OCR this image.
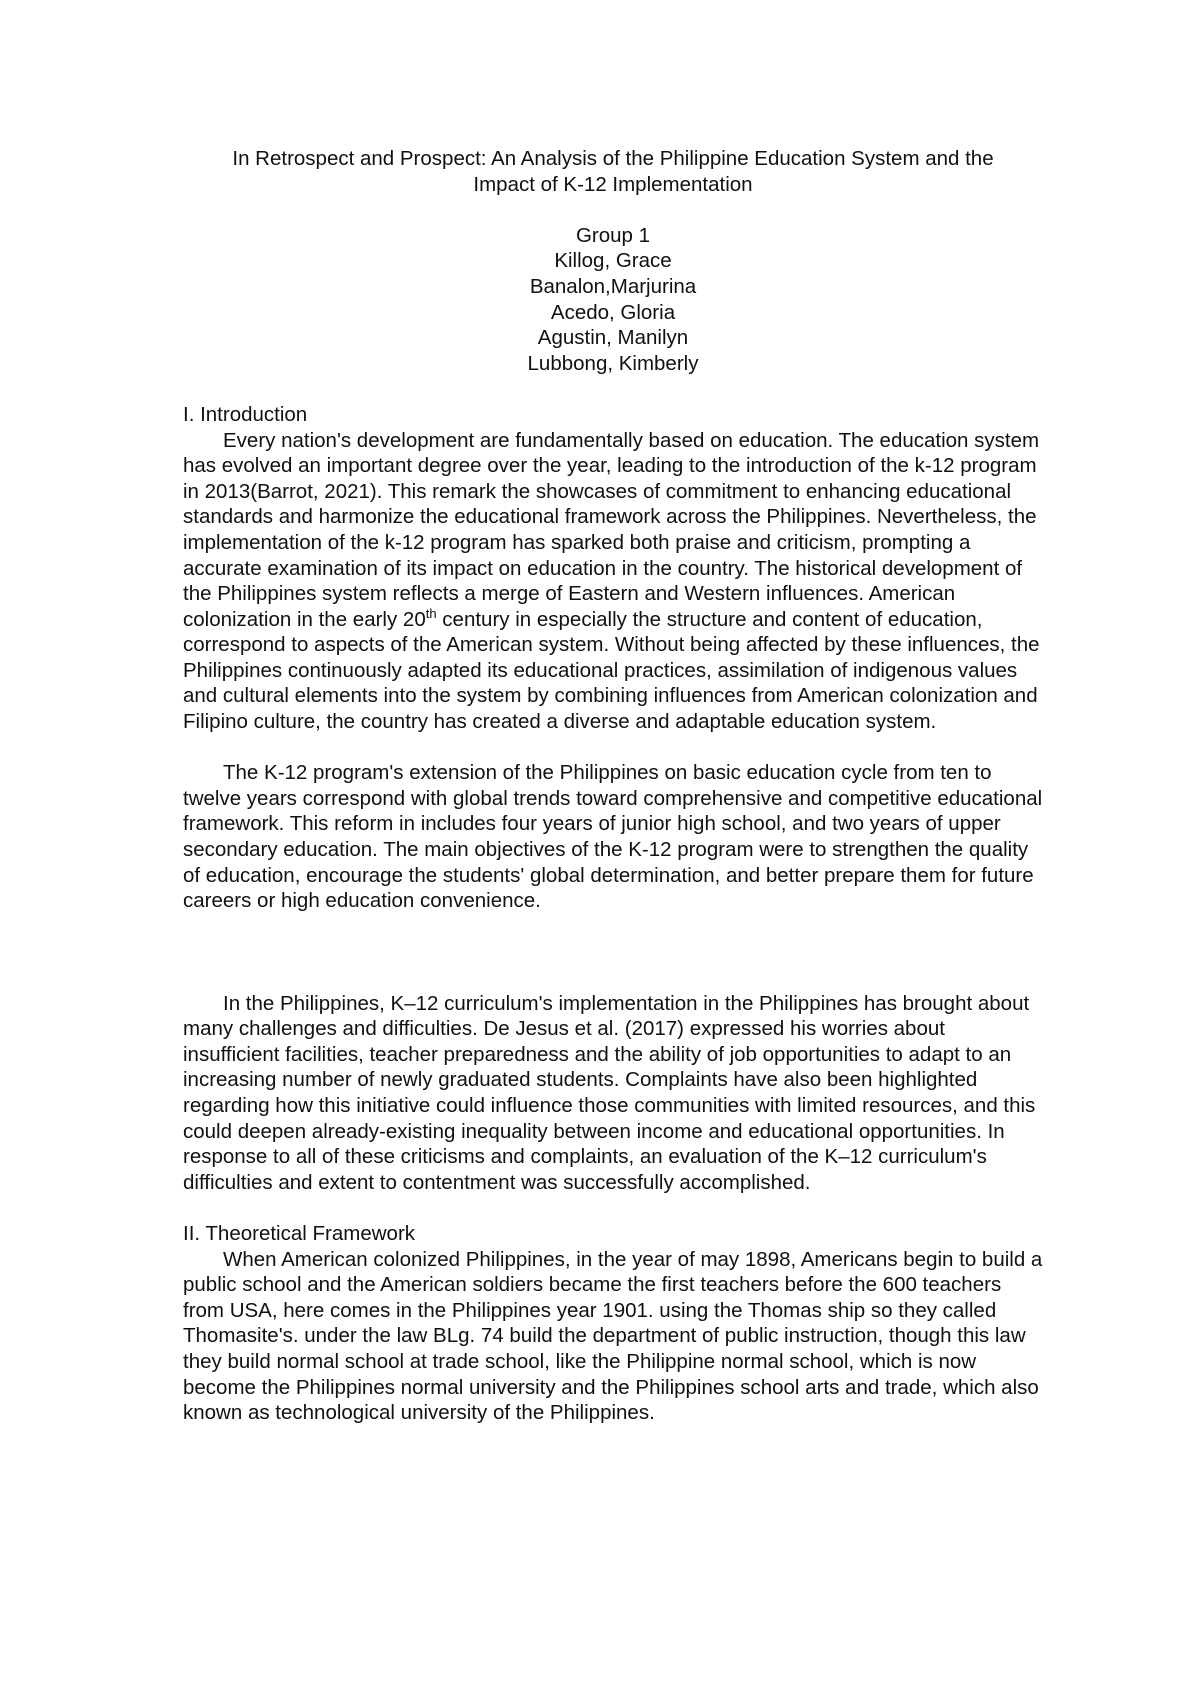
In Retrospect and Prospect: An Analysis of the Philippine Education System and the
Impact of K-12 Implementation
Group 1
Killog, Grace
Banalon,Marjurina
Acedo, Gloria
Agustin, Manilyn
Lubbong, Kimberly
I. Introduction

Every nation's development are fundamentally based on education. The education system has evolved an important degree over the year, leading to the introduction of the k-12 program in 2013(Barrot, 2021). This remark the showcases of commitment to enhancing educational standards and harmonize the educational framework across the Philippines. Nevertheless, the implementation of the k-12 program has sparked both praise and criticism, prompting a accurate examination of its impact on education in the country. The historical development of the Philippines system reflects a merge of Eastern and Western influences. American colonization in the early 20th century in especially the structure and content of education, correspond to aspects of the American system. Without being affected by these influences, the Philippines continuously adapted its educational practices, assimilation of indigenous values and cultural elements into the system by combining influences from American colonization and Filipino culture, the country has created a diverse and adaptable education system.

The K-12 program's extension of the Philippines on basic education cycle from ten to twelve years correspond with global trends toward comprehensive and competitive educational framework. This reform in includes four years of junior high school, and two years of upper secondary education. The main objectives of the K-12 program were to strengthen the quality of education, encourage the students' global determination, and better prepare them for future careers or high education convenience.

In the Philippines, K–12 curriculum's implementation in the Philippines has brought about many challenges and difficulties. De Jesus et al. (2017) expressed his worries about insufficient facilities, teacher preparedness and the ability of job opportunities to adapt to an increasing number of newly graduated students. Complaints have also been highlighted regarding how this initiative could influence those communities with limited resources, and this could deepen already-existing inequality between income and educational opportunities. In response to all of these criticisms and complaints, an evaluation of the K–12 curriculum's difficulties and extent to contentment was successfully accomplished.

II. Theoretical Framework

When American colonized Philippines, in the year of may 1898, Americans begin to build a public school and the American soldiers became the first teachers before the 600 teachers from USA, here comes in the Philippines year 1901. using the Thomas ship so they called Thomasite's. under the law BLg. 74 build the department of public instruction, though this law they build normal school at trade school, like the Philippine normal school, which is now become the Philippines normal university and the Philippines school arts and trade, which also known as technological university of the Philippines.
